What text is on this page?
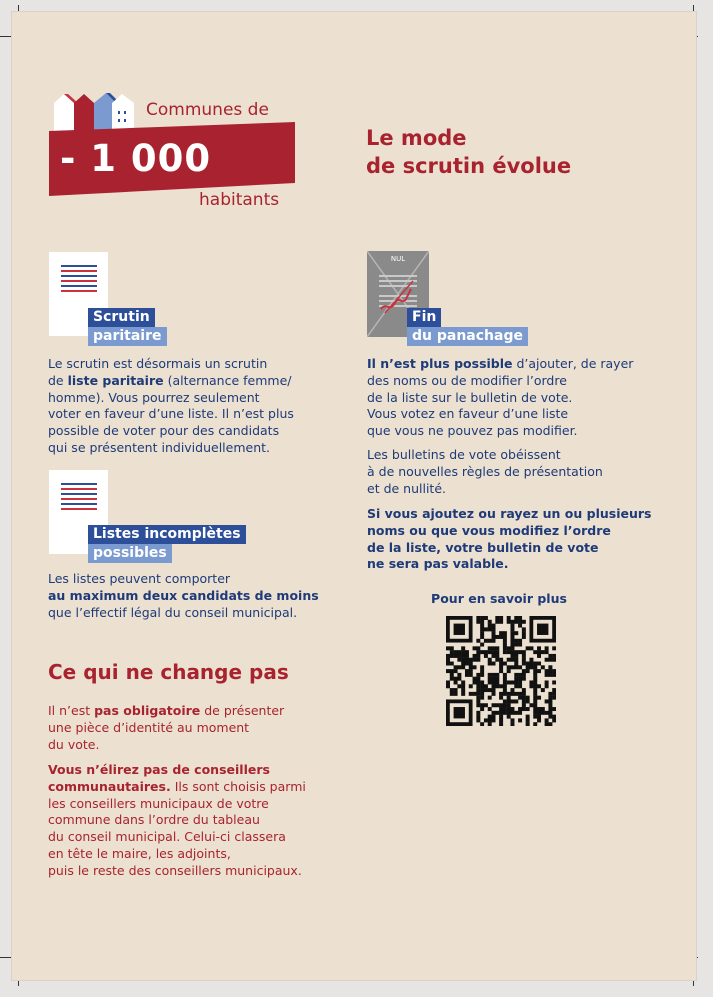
Communes de
- 1 000
habitants
Le mode
de scrutin évolue
Scrutin
paritaire

Le scrutin est désormais un scrutin

de liste paritaire (alternance femme/

homme). Vous pourrez seulement

voter en faveur d’une liste. Il n’est plus

possible de voter pour des candidats

qui se présentent individuellement.

Listes incomplètes
possibles

Les listes peuvent comporter

au maximum deux candidats de moins

que l’effectif légal du conseil municipal.

NUL
Fin
du panachage

Il n’est plus possible d’ajouter, de rayer

des noms ou de modifier l’ordre

de la liste sur le bulletin de vote.

Vous votez en faveur d’une liste

que vous ne pouvez pas modifier.

Les bulletins de vote obéissent

à de nouvelles règles de présentation

et de nullité.

Si vous ajoutez ou rayez un ou plusieurs

noms ou que vous modifiez l’ordre

de la liste, votre bulletin de vote

ne sera pas valable.

Pour en savoir plus
Ce qui ne change pas

Il n’est pas obligatoire de présenter

une pièce d’identité au moment

du vote.

Vous n’élirez pas de conseillers

communautaires. Ils sont choisis parmi

les conseillers municipaux de votre

commune dans l’ordre du tableau

du conseil municipal. Celui-ci classera

en tête le maire, les adjoints,

puis le reste des conseillers municipaux.
